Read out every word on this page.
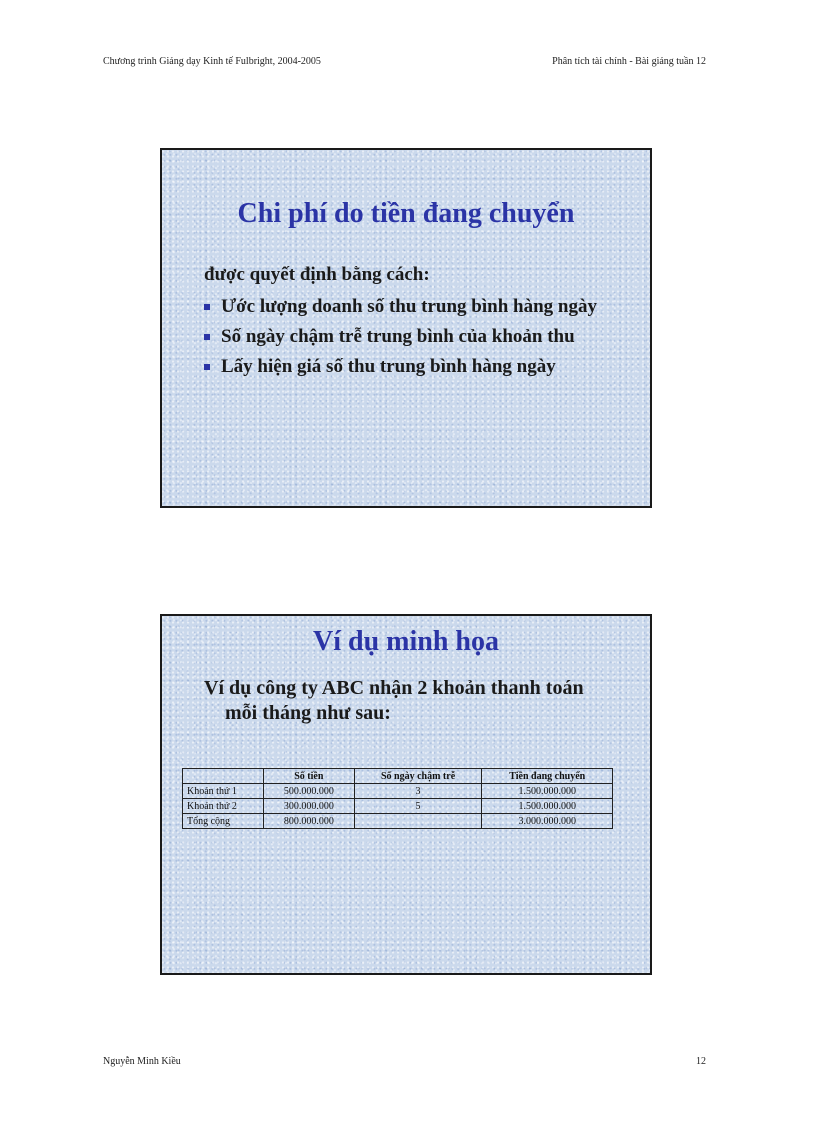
Chương trình Giảng dạy Kinh tế Fulbright, 2004-2005	Phân tích tài chính - Bài giảng tuần 12
Chi phí do tiền đang chuyển

được quyết định bằng cách:

Ước lượng doanh số thu trung bình hàng ngày
Số ngày chậm trễ trung bình của khoản thu
Lấy hiện giá số thu trung bình hàng ngày
Ví dụ minh họa

Ví dụ công ty ABC nhận 2 khoản thanh toán
mỗi tháng như sau:

	Số tiền	Số ngày chậm trễ	Tiền đang chuyển
Khoản thứ 1	500.000.000	3	1.500.000.000
Khoản thứ 2	300.000.000	5	1.500.000.000
Tổng cộng	800.000.000		3.000.000.000
Nguyễn Minh Kiều	12
